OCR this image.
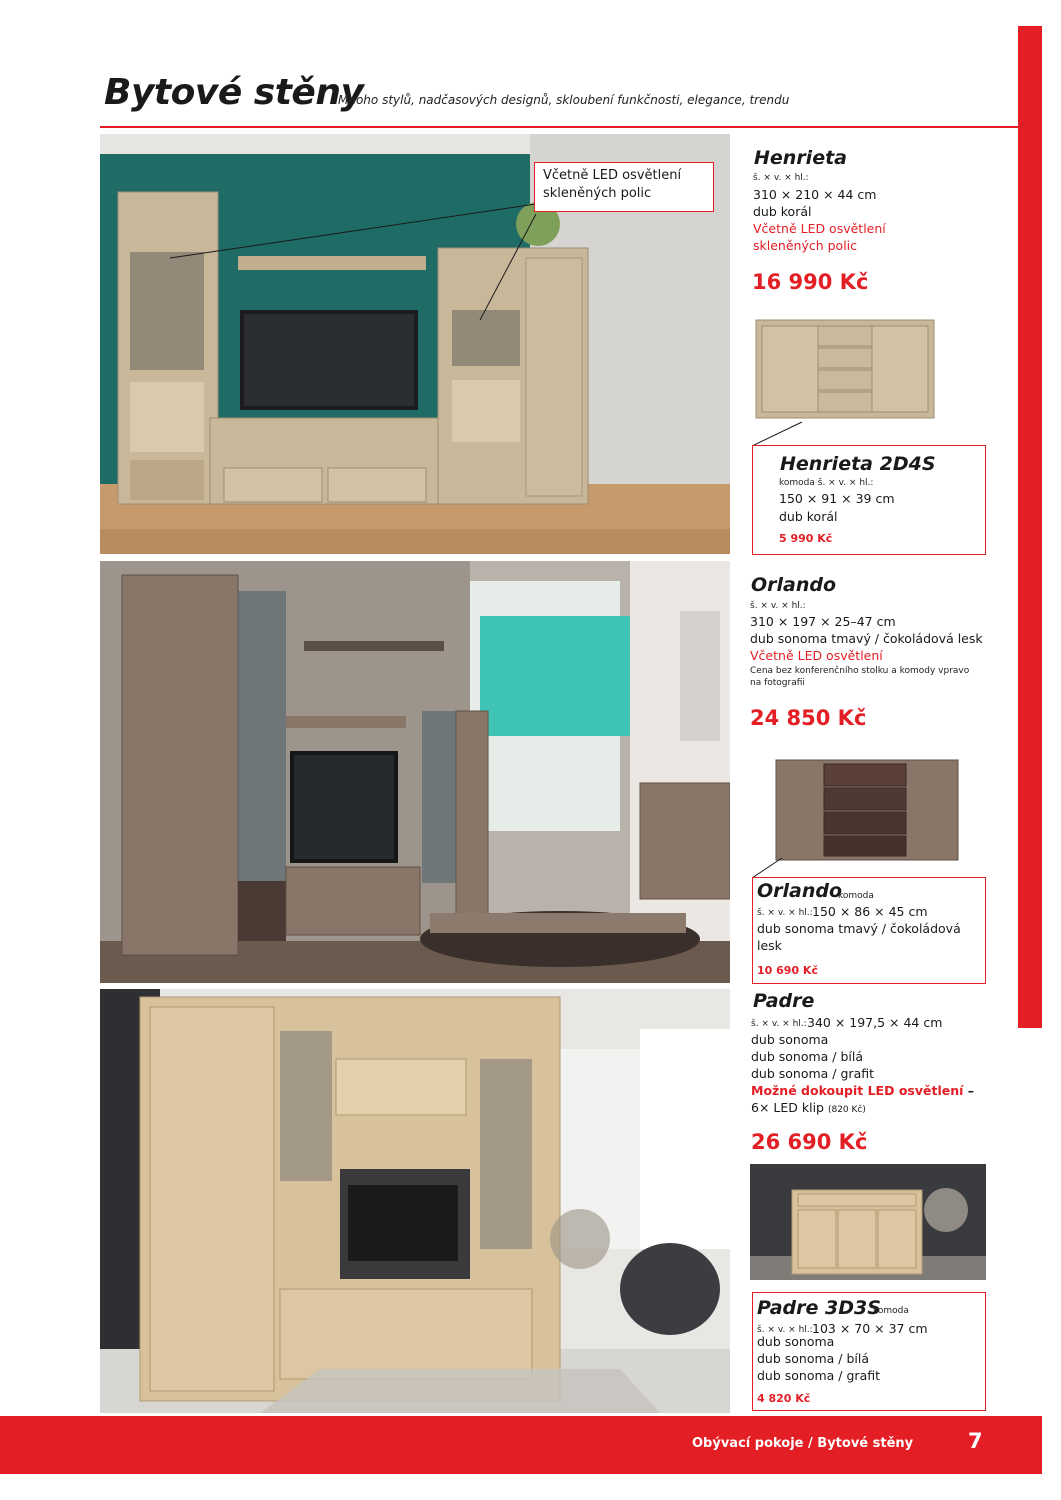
Bytové stěny
Mnoho stylů, nadčasových designů, skloubení funkčnosti, elegance, trendu
Včetně LED osvětlení
skleněných polic
Henrieta
š. × v. × hl.:
310 × 210 × 44 cm
dub korál
Včetně LED osvětlení
skleněných polic
16 990 Kč
Henrieta 2D4S
komoda š. × v. × hl.:
150 × 91 × 39 cm
dub korál
5 990 Kč
Orlando
š. × v. × hl.:
310 × 197 × 25–47 cm
dub sonoma tmavý / čokoládová lesk
Včetně LED osvětlení
Cena bez konferenčního stolku a komody vpravo
na fotografii
24 850 Kč
Orlando
komoda
š. × v. × hl.: 150 × 86 × 45 cm
dub sonoma tmavý / čokoládová
lesk
10 690 Kč
Padre
š. × v. × hl.: 340 × 197,5 × 44 cm
dub sonoma
dub sonoma / bílá
dub sonoma / grafit
Možné dokoupit LED osvětlení –
6× LED klip (820 Kč)
26 690 Kč
Padre 3D3S
komoda
š. × v. × hl.: 103 × 70 × 37 cm
dub sonoma
dub sonoma / bílá
dub sonoma / grafit
4 820 Kč
Obývací pokoje / Bytové stěny	7
